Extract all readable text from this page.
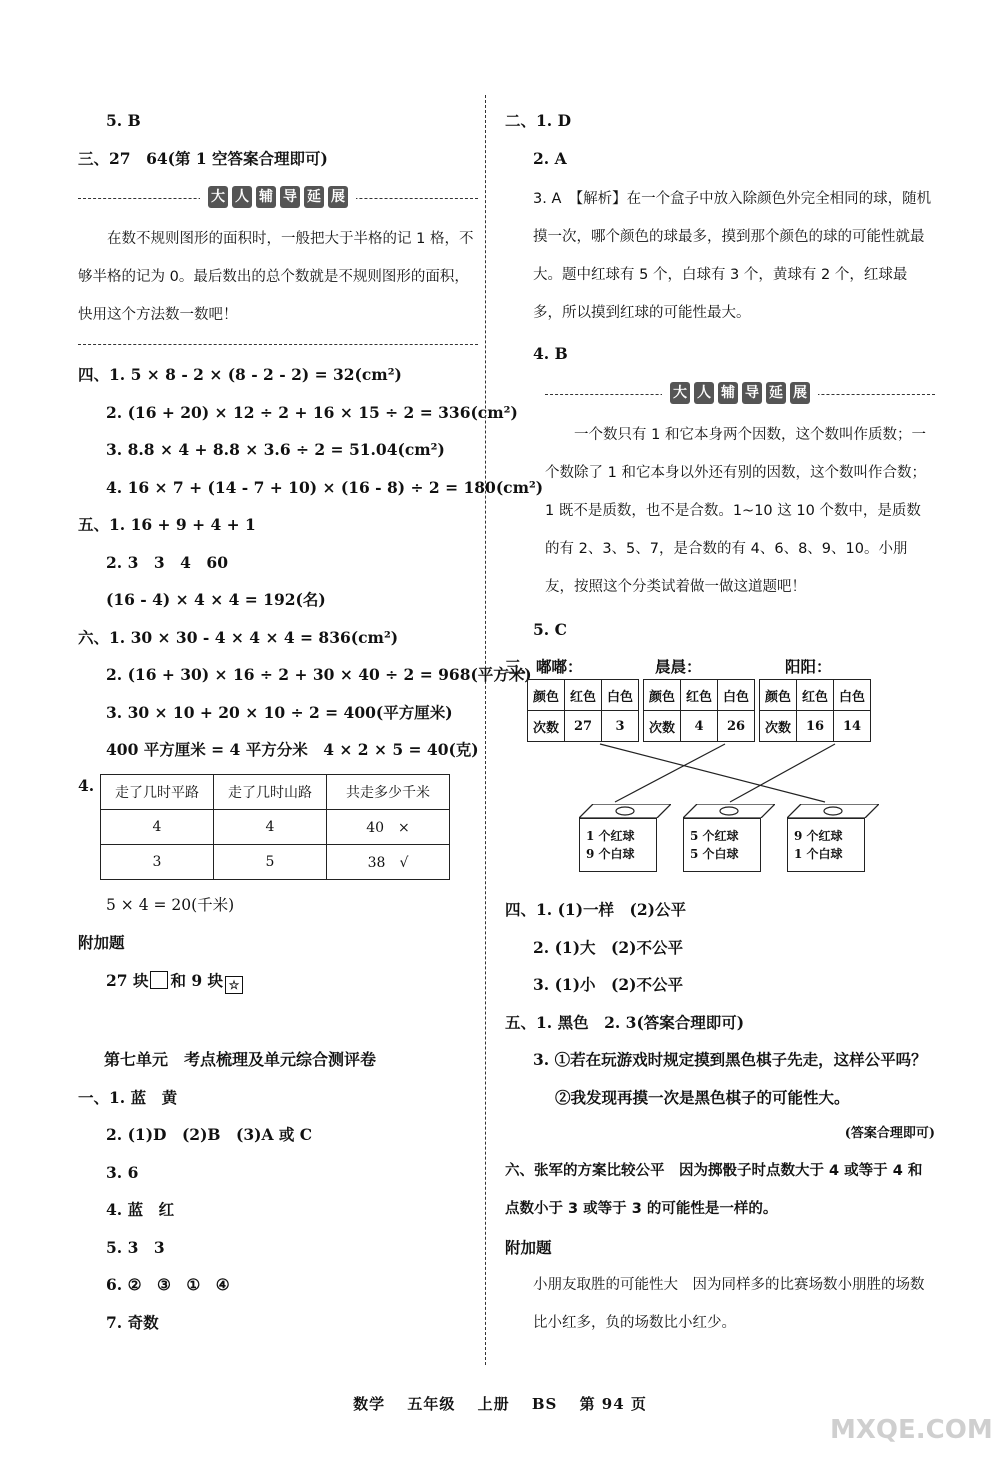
5. B
三、27　64(第 1 空答案合理即可)
大 人 辅 导 延 展
在数不规则图形的面积时，一般把大于半格的记 1 格，不够半格的记为 0。最后数出的总个数就是不规则图形的面积，快用这个方法数一数吧！
四、1. 5 × 8 - 2 × (8 - 2 - 2) = 32(cm²)
2. (16 + 20) × 12 ÷ 2 + 16 × 15 ÷ 2 = 336(cm²)
3. 8.8 × 4 + 8.8 × 3.6 ÷ 2 = 51.04(cm²)
4. 16 × 7 + (14 - 7 + 10) × (16 - 8) ÷ 2 = 180(cm²)
五、1. 16 + 9 + 4 + 1
2. 3　3　4　60
(16 - 4) × 4 × 4 = 192(名)
六、1. 30 × 30 - 4 × 4 × 4 = 836(cm²)
2. (16 + 30) × 16 ÷ 2 + 30 × 40 ÷ 2 = 968(平方米)
3. 30 × 10 + 20 × 10 ÷ 2 = 400(平方厘米)
400 平方厘米 = 4 平方分米　4 × 2 × 5 = 40(克)
4.	走了几时平路	走了几时山路	共走多少千米
4	4	40　×
3	5	38　√
5 × 4 = 20(千米)
附加题
27 块 和 9 块 ☆
第七单元　考点梳理及单元综合测评卷
一、1. 蓝　黄
2. (1)D　(2)B　(3)A 或 C
3. 6
4. 蓝　红
5. 3　3
6. ②　③　①　④
7. 奇数
二、1. D
2. A
3. A　【解析】在一个盒子中放入除颜色外完全相同的球，随机摸一次，哪个颜色的球最多，摸到那个颜色的球的可能性就最大。题中红球有 5 个，白球有 3 个，黄球有 2 个，红球最多，所以摸到红球的可能性最大。
4. B
大 人 辅 导 延 展
一个数只有 1 和它本身两个因数，这个数叫作质数；一个数除了 1 和它本身以外还有别的因数，这个数叫作合数；1 既不是质数，也不是合数。1~10 这 10 个数中，是质数的有 2、3、5、7，是合数的有 4、6、8、9、10。小朋友，按照这个分类试着做一做这道题吧！
5. C
三、嘟嘟：	晨晨：	阳阳：
颜色	红色	白色
次数	27	3
颜色	红色	白色
次数	4	26
颜色	红色	白色
次数	16	14
1 个红球
9 个白球
5 个红球
5 个白球
9 个红球
1 个白球
四、1. (1)一样　(2)公平
2. (1)大　(2)不公平
3. (1)小　(2)不公平
五、1. 黑色　2. 3(答案合理即可)
3. ①若在玩游戏时规定摸到黑色棋子先走，这样公平吗？
②我发现再摸一次是黑色棋子的可能性大。
(答案合理即可)
六、张军的方案比较公平　因为掷骰子时点数大于 4 或等于 4 和点数小于 3 或等于 3 的可能性是一样的。
附加题
小朋友取胜的可能性大　因为同样多的比赛场数小朋胜的场数比小红多，负的场数比小红少。
数学 五年级 上册 BS 第 94 页
MXQE.COM
